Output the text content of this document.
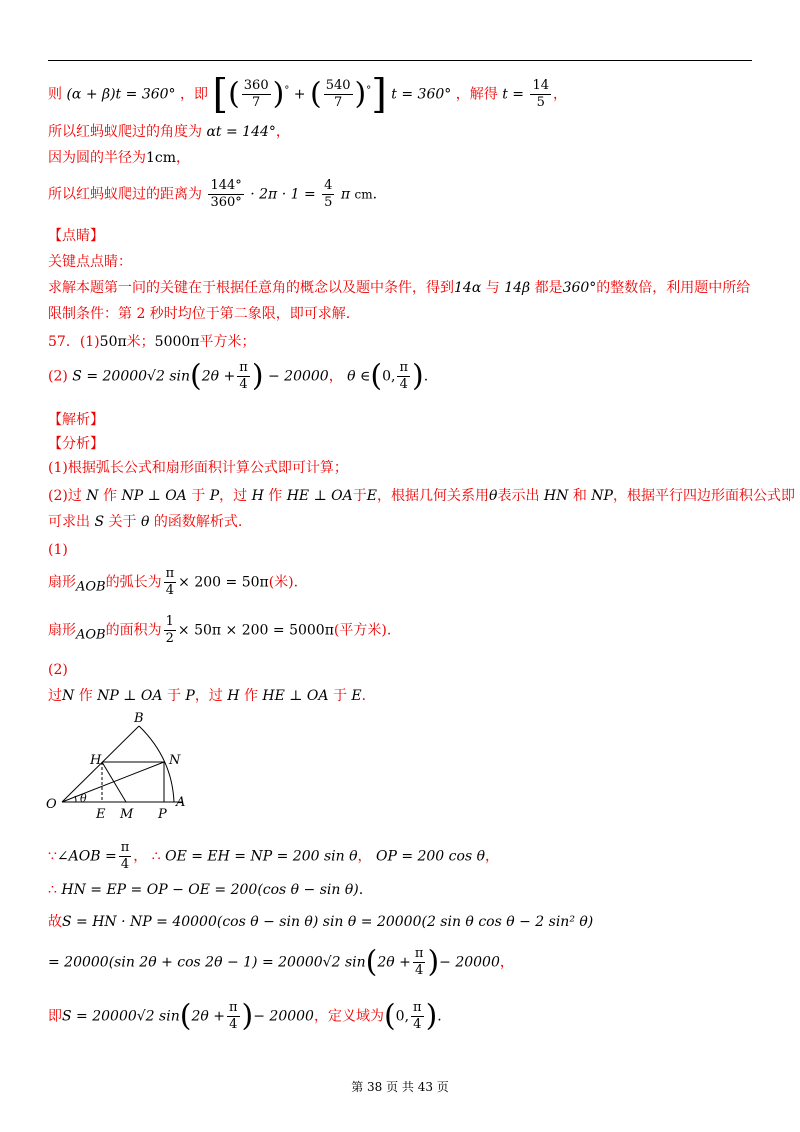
则 (α + β)t = 360° ，即 [( $\frac{360}{7} )^\circ$ + ( $\frac{540}{7} )^\circ$] t = 360° ，解得 $t = \frac{14}{5}$ ，
所以红蚂蚁爬过的角度为 αt = 144°，
因为圆的半径为1cm，
所以红蚂蚁爬过的距离为 $\frac{144^\circ}{360^\circ} \cdot 2\pi \cdot 1 = \frac{4}{5}$ π cm.
【点睛】
关键点点睛：
求解本题第一问的关键在于根据任意角的概念以及题中条件，得到14α 与 14β 都是360°的整数倍，利用题中所给
限制条件：第 2 秒时均位于第二象限，即可求解.
57．(1)50π米；5000π平方米；
(2) S = 20000√2 $\sin(2\theta + \frac{\pi}{4}$ ) − 20000， θ ∈(0, $\frac{\pi}{4}$ ).
【解析】
【分析】
(1)根据弧长公式和扇形面积计算公式即可计算；
(2)过 N 作 NP ⊥ OA 于 P，过 H 作 HE ⊥ OA于E，根据几何关系用θ表示出 HN 和 NP，根据平行四边形面积公式即
可求出 S 关于 θ 的函数解析式.
(1)
扇形AOB的弧长为 $\frac{\pi}{4} \times 200 = 50\pi$(米).
扇形AOB的面积为 $\frac{1}{2} \times 50\pi \times 200 = 5000\pi$(平方米).
(2)
过N 作 NP ⊥ OA 于 P，过 H 作 HE ⊥ OA 于 E．
B
H	N
O θ
E M P
A
∵∠AOB = $\frac{\pi}{4}$ ， ∴ OE = EH = NP = 200 sin θ， OP = 200 cos θ，
∴ HN = EP = OP − OE = 200(cos θ − sin θ).
故S = HN · NP = 40000(cos θ − sin θ) sin θ = 20000(2 sin θ cos θ − 2 sin² θ)
= 20000(sin 2θ + cos 2θ − 1) = 20000√2 $\sin(2\theta + \frac{\pi}{4}$ )− 20000，
即S = 20000√2 $\sin(2\theta + \frac{\pi}{4}$ )− 20000，定义域为(0, $\frac{\pi}{4}$ ).
第 38 页 共 43 页
